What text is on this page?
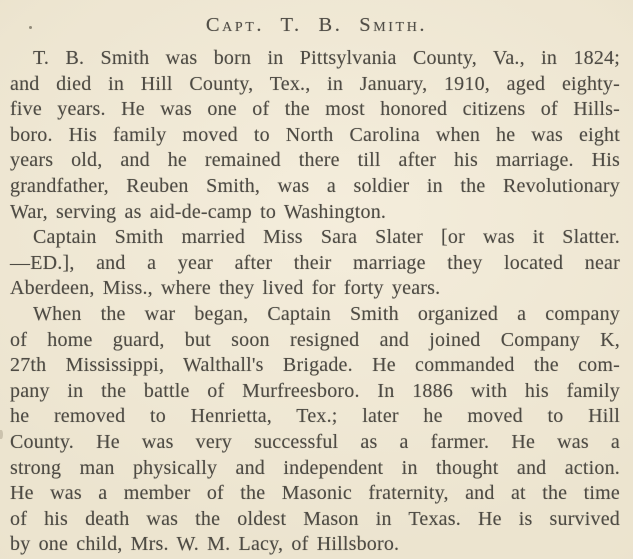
Capt. T. B. Smith.
T. B. Smith was born in Pittsylvania County, Va., in 1824;
and died in Hill County, Tex., in January, 1910, aged eighty-
five years. He was one of the most honored citizens of Hills-
boro. His family moved to North Carolina when he was eight
years old, and he remained there till after his marriage. His
grandfather, Reuben Smith, was a soldier in the Revolutionary
War, serving as aid-de-camp to Washington.
Captain Smith married Miss Sara Slater [or was it Slatter.
—ED.], and a year after their marriage they located near
Aberdeen, Miss., where they lived for forty years.
When the war began, Captain Smith organized a company
of home guard, but soon resigned and joined Company K,
27th Mississippi, Walthall's Brigade. He commanded the com-
pany in the battle of Murfreesboro. In 1886 with his family
he removed to Henrietta, Tex.; later he moved to Hill
County. He was very successful as a farmer. He was a
strong man physically and independent in thought and action.
He was a member of the Masonic fraternity, and at the time
of his death was the oldest Mason in Texas. He is survived
by one child, Mrs. W. M. Lacy, of Hillsboro.
